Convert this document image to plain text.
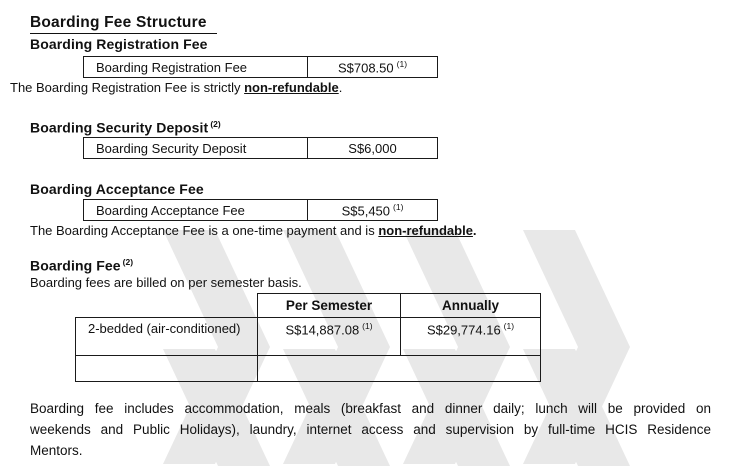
Boarding Fee Structure
Boarding Registration Fee
Boarding Registration Fee	S$708.50 $^{(1)}$
The Boarding Registration Fee is strictly non-refundable.
Boarding Security Deposit $^{(2)}$
Boarding Security Deposit	S$6,000
Boarding Acceptance Fee
Boarding Acceptance Fee	S$5,450 $^{(1)}$
The Boarding Acceptance Fee is a one-time payment and is non-refundable.
Boarding Fee $^{(2)}$
Boarding fees are billed on per semester basis.
	Per Semester	Annually
2-bedded (air-conditioned)	S$14,887.08 $^{(1)}$	S$29,774.16 $^{(1)}$

Boarding fee includes accommodation, meals (breakfast and dinner daily; lunch will be provided on
weekends and Public Holidays), laundry, internet access and supervision by full-time HCIS Residence
Mentors.
